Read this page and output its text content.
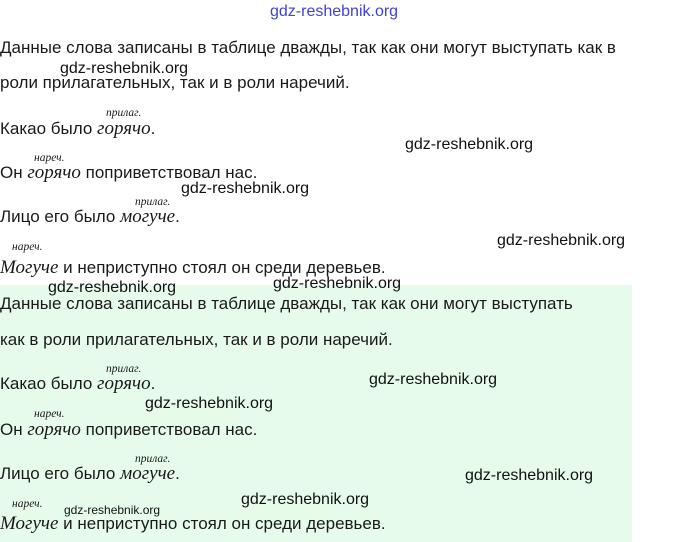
gdz-reshebnik.org
Данные слова записаны в таблице дважды, так как они могут выступать как в
gdz-reshebnik.org
роли прилагательных, так и в роли наречий.
прилаг.
Какао было горячо.
gdz-reshebnik.org
нареч.
Он горячо поприветствовал нас.
gdz-reshebnik.org
прилаг.
Лицо его было могуче.
gdz-reshebnik.org
нареч.
Могуче и неприступно стоял он среди деревьев.
gdz-reshebnik.org	gdz-reshebnik.org
Данные слова записаны в таблице дважды, так как они могут выступать
как в роли прилагательных, так и в роли наречий.
прилаг.
Какао было горячо.	gdz-reshebnik.org
gdz-reshebnik.org
нареч.
Он горячо поприветствовал нас.
прилаг.
Лицо его было могуче.	gdz-reshebnik.org
gdz-reshebnik.org
нареч. gdz-reshebnik.org
Могуче и неприступно стоял он среди деревьев.
